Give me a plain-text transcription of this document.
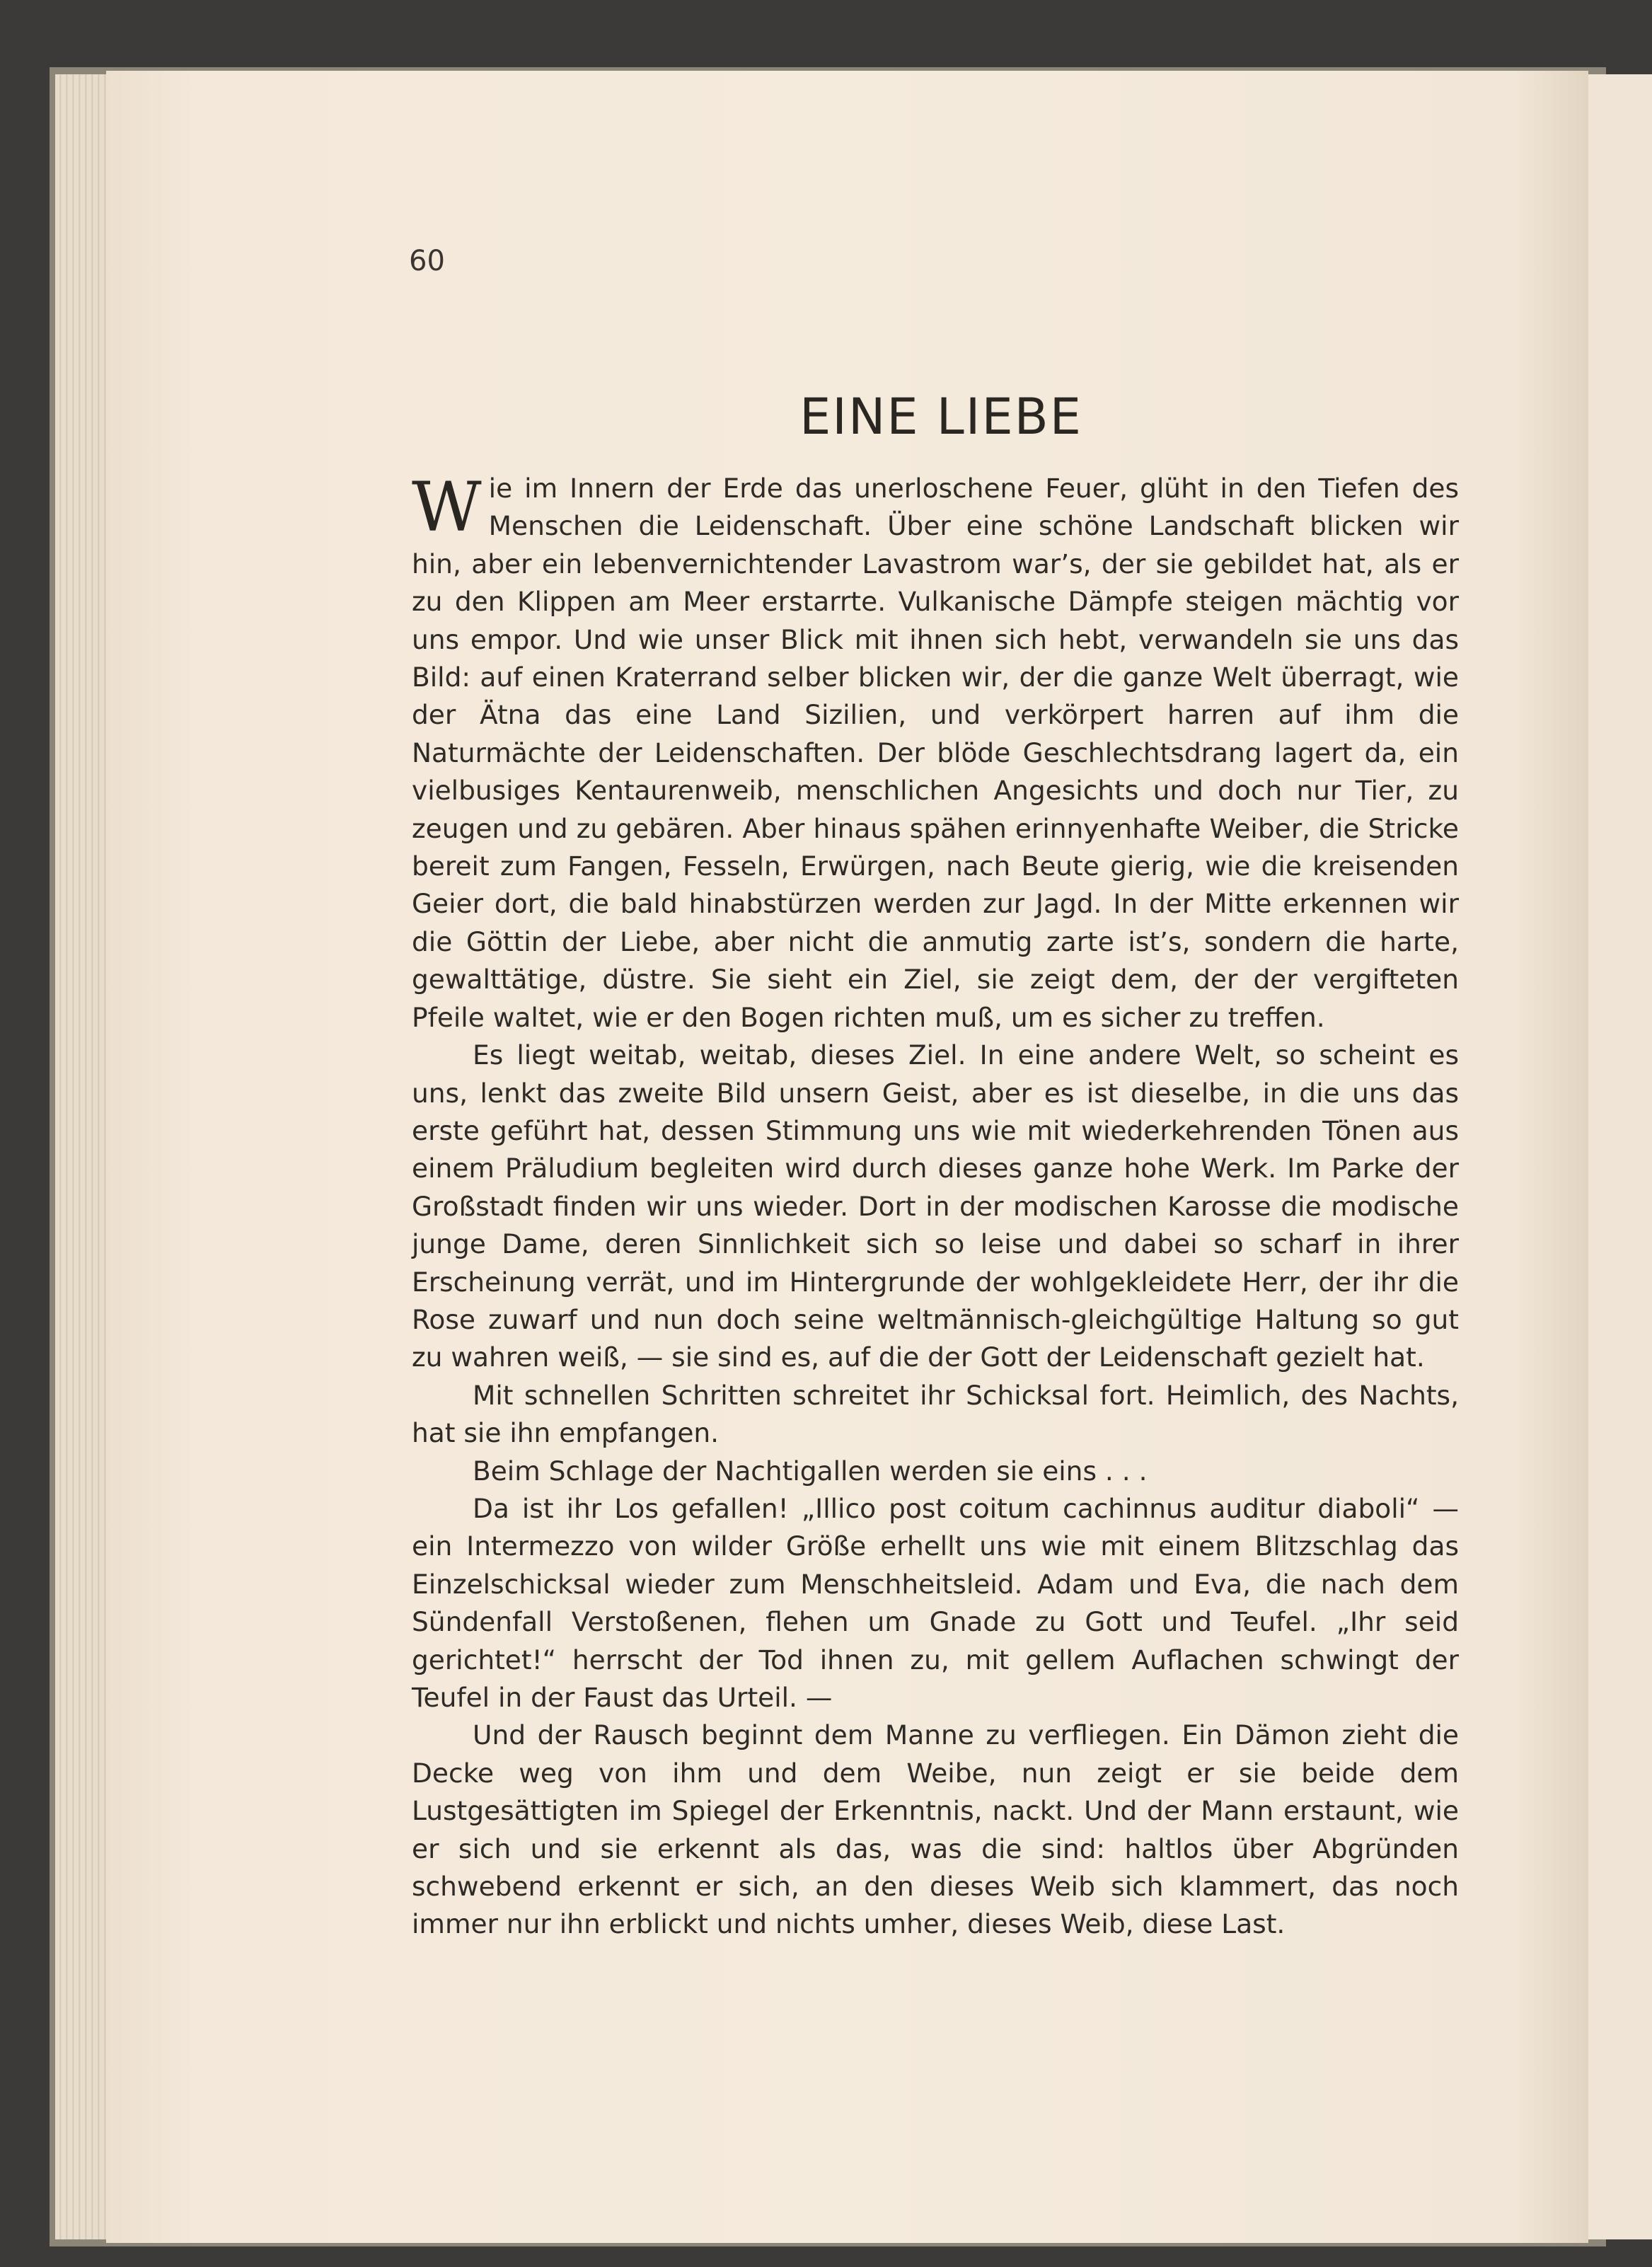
60

EINE LIEBE

Wie im Innern der Erde das unerloschene Feuer, glüht in den Tiefen des Menschen die Leidenschaft. Über eine schöne Landschaft blicken wir hin, aber ein lebenvernichtender Lavastrom war’s, der sie gebildet hat, als er zu den Klippen am Meer erstarrte. Vulkanische Dämpfe steigen mächtig vor uns empor. Und wie unser Blick mit ihnen sich hebt, verwandeln sie uns das Bild: auf einen Kraterrand selber blicken wir, der die ganze Welt überragt, wie der Ätna das eine Land Sizilien, und verkörpert harren auf ihm die Naturmächte der Leidenschaften. Der blöde Geschlechtsdrang lagert da, ein vielbusiges Kentaurenweib, menschlichen Angesichts und doch nur Tier, zu zeugen und zu gebären. Aber hinaus spähen erinnyenhafte Weiber, die Stricke bereit zum Fangen, Fesseln, Erwürgen, nach Beute gierig, wie die kreisenden Geier dort, die bald hinabstürzen werden zur Jagd. In der Mitte erkennen wir die Göttin der Liebe, aber nicht die anmutig zarte ist’s, sondern die harte, gewalttätige, düstre. Sie sieht ein Ziel, sie zeigt dem, der der vergifteten Pfeile waltet, wie er den Bogen richten muß, um es sicher zu treffen.

Es liegt weitab, weitab, dieses Ziel. In eine andere Welt, so scheint es uns, lenkt das zweite Bild unsern Geist, aber es ist dieselbe, in die uns das erste geführt hat, dessen Stimmung uns wie mit wiederkehrenden Tönen aus einem Präludium begleiten wird durch dieses ganze hohe Werk. Im Parke der Großstadt finden wir uns wieder. Dort in der modischen Karosse die modische junge Dame, deren Sinnlichkeit sich so leise und dabei so scharf in ihrer Erscheinung verrät, und im Hintergrunde der wohlgekleidete Herr, der ihr die Rose zuwarf und nun doch seine weltmännisch-gleichgültige Haltung so gut zu wahren weiß, — sie sind es, auf die der Gott der Leidenschaft gezielt hat.

Mit schnellen Schritten schreitet ihr Schicksal fort. Heimlich, des Nachts, hat sie ihn empfangen.

Beim Schlage der Nachtigallen werden sie eins . . .

Da ist ihr Los gefallen! „Illico post coitum cachinnus auditur diaboli“ — ein Intermezzo von wilder Größe erhellt uns wie mit einem Blitzschlag das Einzelschicksal wieder zum Menschheitsleid. Adam und Eva, die nach dem Sündenfall Verstoßenen, flehen um Gnade zu Gott und Teufel. „Ihr seid gerichtet!“ herrscht der Tod ihnen zu, mit gellem Auflachen schwingt der Teufel in der Faust das Urteil. —

Und der Rausch beginnt dem Manne zu verfliegen. Ein Dämon zieht die Decke weg von ihm und dem Weibe, nun zeigt er sie beide dem Lustgesättigten im Spiegel der Erkenntnis, nackt. Und der Mann erstaunt, wie er sich und sie erkennt als das, was die sind: haltlos über Abgründen schwebend erkennt er sich, an den dieses Weib sich klammert, das noch immer nur ihn erblickt und nichts umher, dieses Weib, diese Last.
